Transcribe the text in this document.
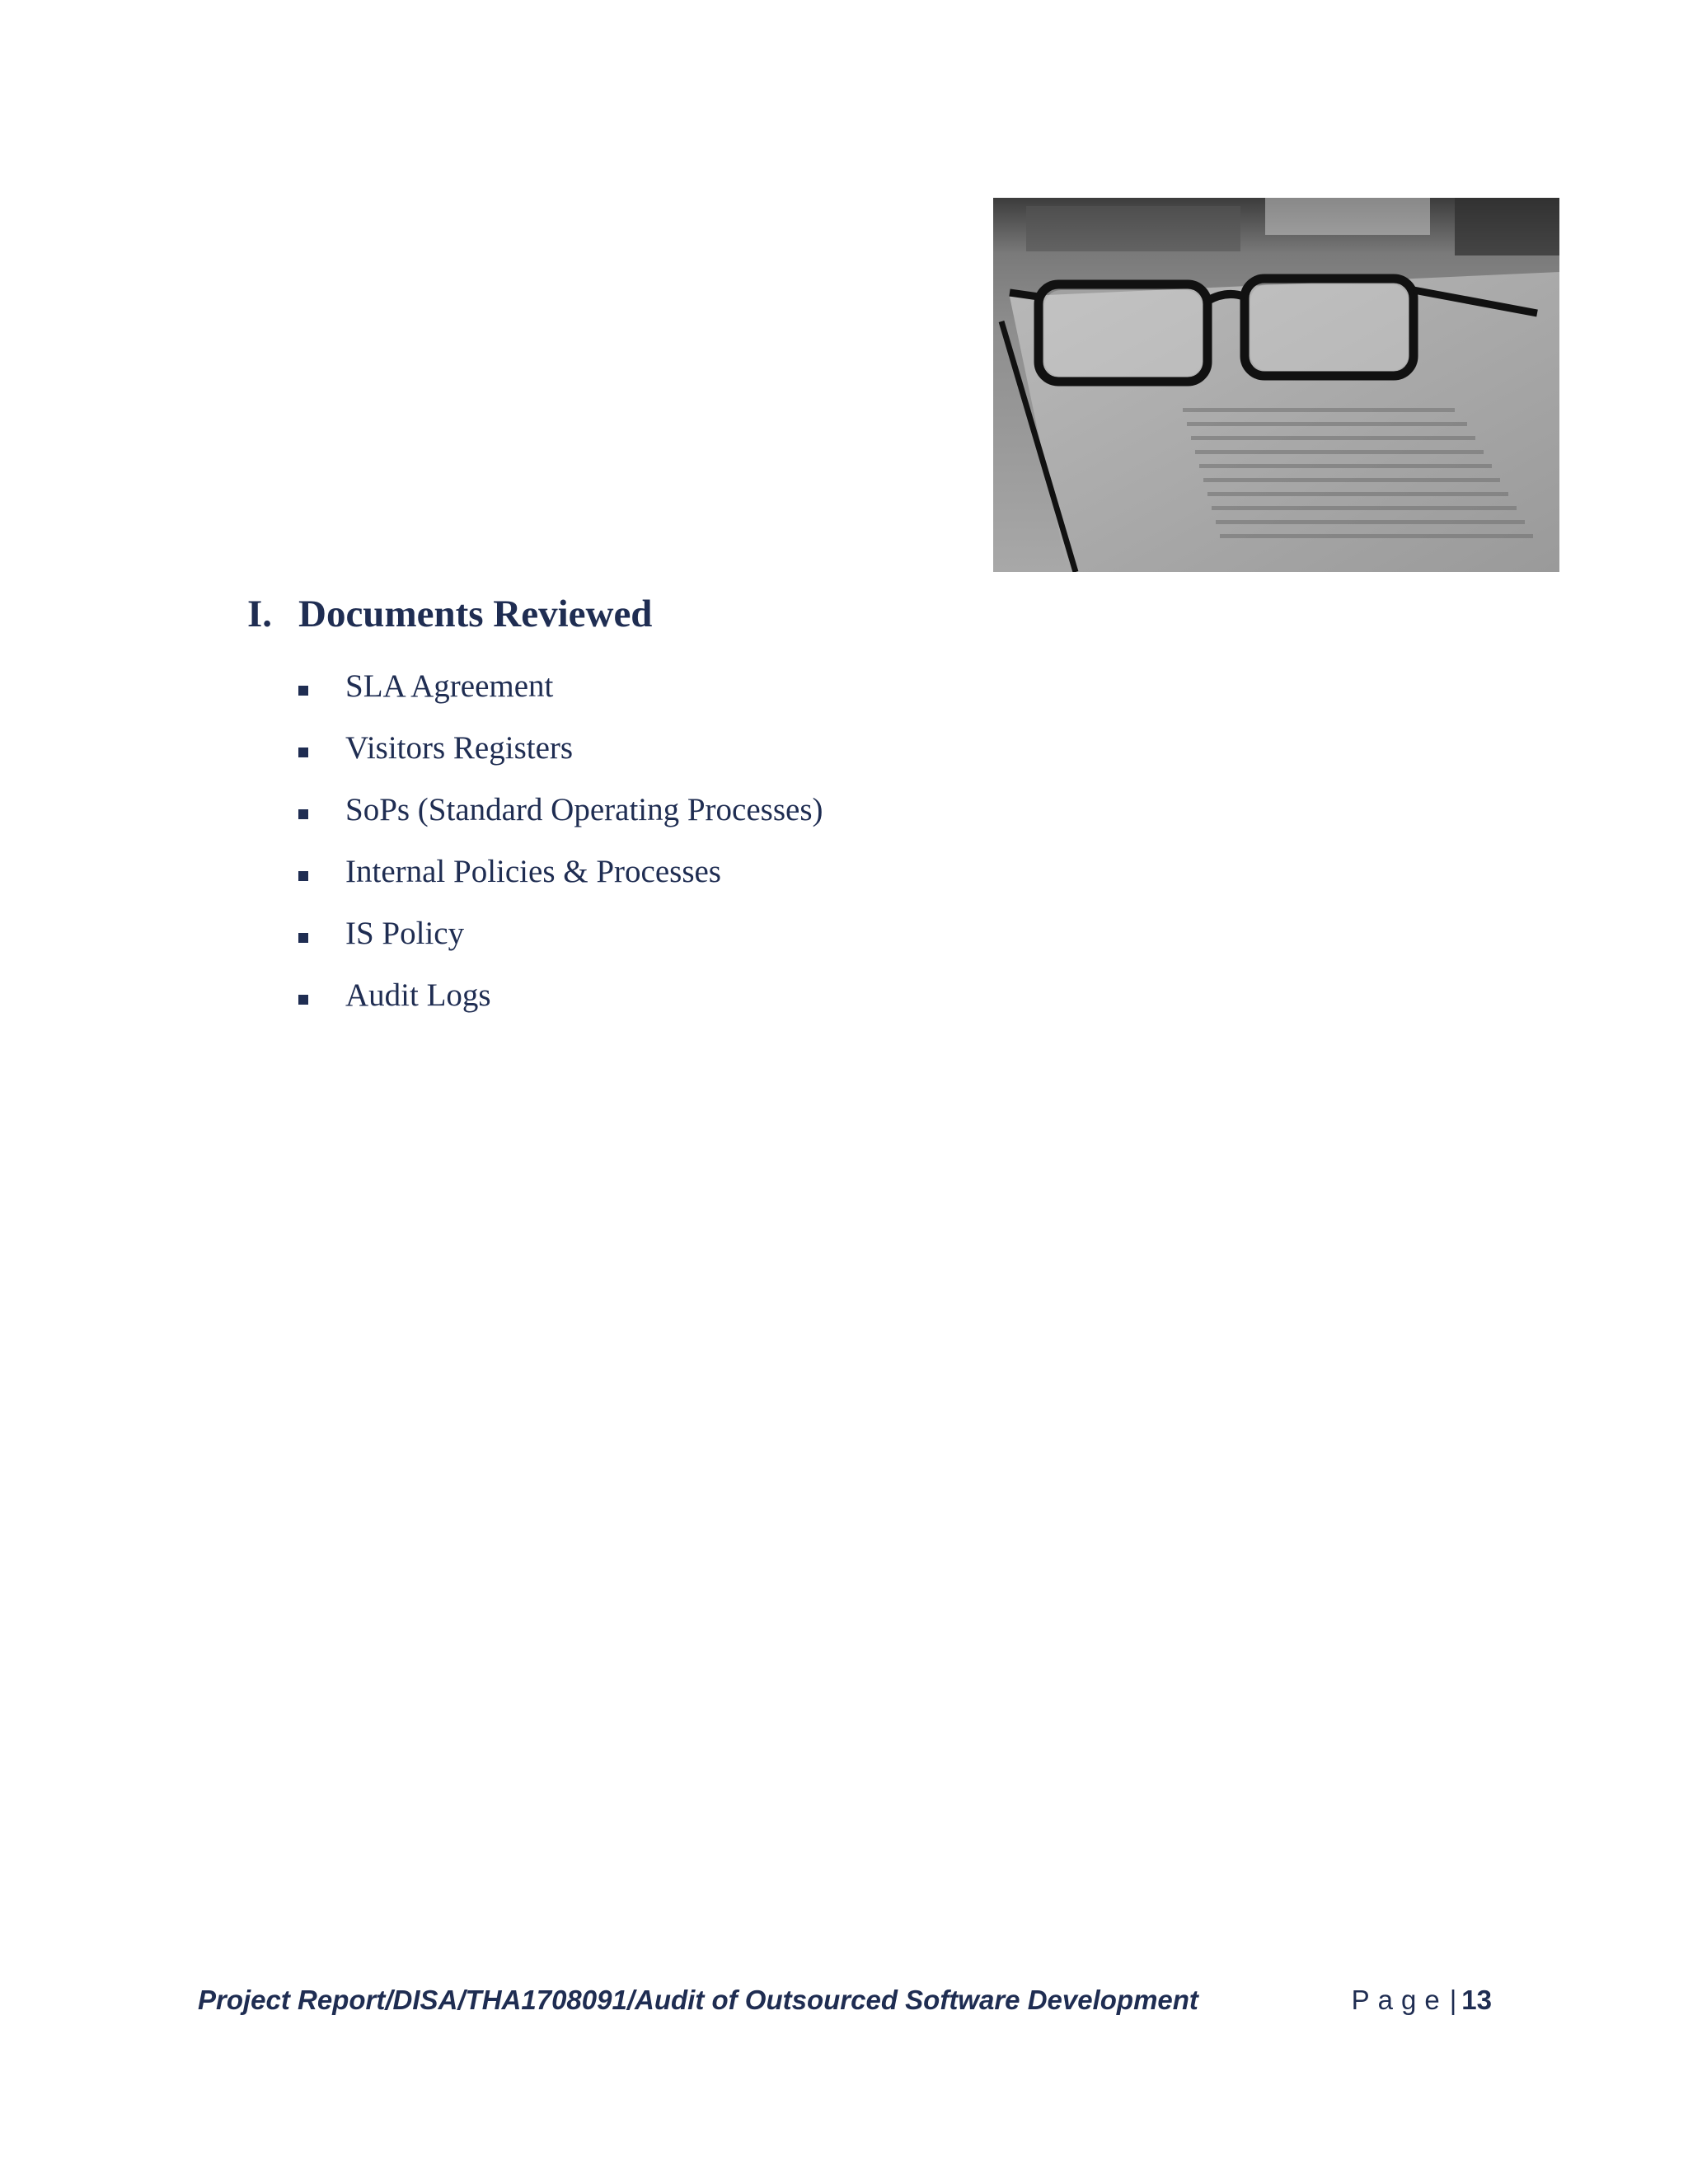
I. Documents Reviewed
SLA Agreement
Visitors Registers
SoPs (Standard Operating Processes)
Internal Policies & Processes
IS Policy
Audit Logs
Project Report/DISA/THA1708091/Audit of Outsourced Software Development	Page| 13
